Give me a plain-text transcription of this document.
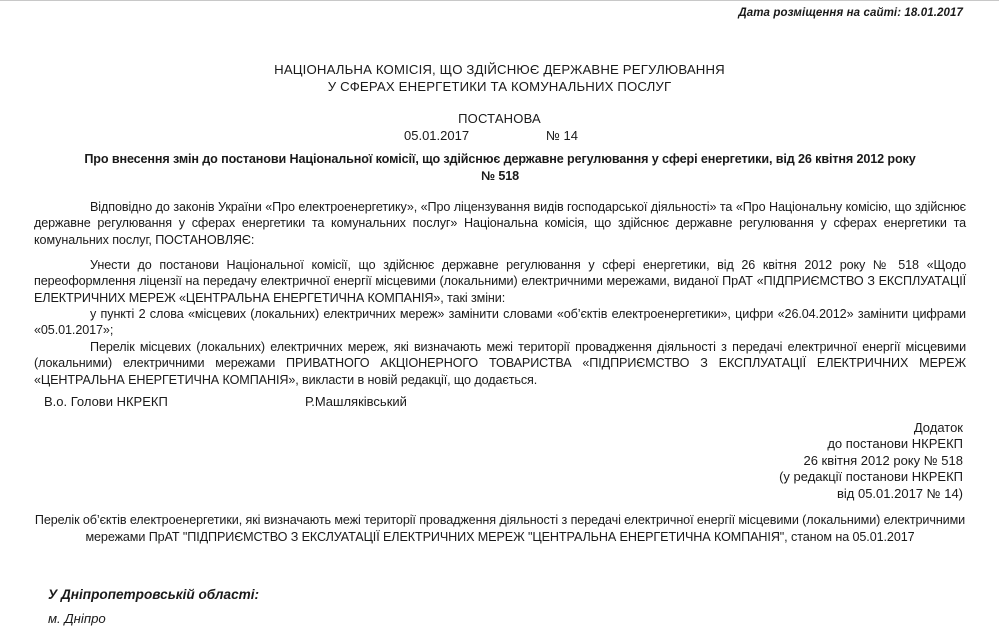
Дата розміщення на сайті: 18.01.2017
НАЦІОНАЛЬНА КОМІСІЯ, ЩО ЗДІЙСНЮЄ ДЕРЖАВНЕ РЕГУЛЮВАННЯ
У СФЕРАХ ЕНЕРГЕТИКИ ТА КОМУНАЛЬНИХ ПОСЛУГ
ПОСТАНОВА
05.01.2017	№ 14
Про внесення змін до постанови Національної комісії, що здійснює державне регулювання у сфері енергетики, від 26 квітня 2012 року
№ 518
Відповідно до законів України «Про електроенергетику», «Про ліцензування видів господарської діяльності» та «Про Національну комісію, що здійснює державне регулювання у сферах енергетики та комунальних послуг» Національна комісія, що здійснює державне регулювання у сферах енергетики та комунальних послуг, ПОСТАНОВЛЯЄ:
Унести до постанови Національної комісії, що здійснює державне регулювання у сфері енергетики, від 26 квітня 2012 року № 518 «Щодо переоформлення ліцензії на передачу електричної енергії місцевими (локальними) електричними мережами, виданої ПрАТ «ПІДПРИЄМСТВО З ЕКСПЛУАТАЦІЇ ЕЛЕКТРИЧНИХ МЕРЕЖ «ЦЕНТРАЛЬНА ЕНЕРГЕТИЧНА КОМПАНІЯ», такі зміни:
у пункті 2 слова «місцевих (локальних) електричних мереж» замінити словами «об’єктів електроенергетики», цифри «26.04.2012» замінити цифрами «05.01.2017»;
Перелік місцевих (локальних) електричних мереж, які визначають межі території провадження діяльності з передачі електричної енергії місцевими (локальними) електричними мережами ПРИВАТНОГО АКЦІОНЕРНОГО ТОВАРИСТВА «ПІДПРИЄМСТВО З ЕКСПЛУАТАЦІЇ ЕЛЕКТРИЧНИХ МЕРЕЖ «ЦЕНТРАЛЬНА ЕНЕРГЕТИЧНА КОМПАНІЯ», викласти в новій редакції, що додається.
В.о. Голови НКРЕКП	Р.Машляківський
Додаток
до постанови НКРЕКП
26 квітня 2012 року № 518
(у редакції постанови НКРЕКП
від 05.01.2017 № 14)
Перелік об’єктів електроенергетики, які визначають межі території провадження діяльності з передачі електричної енергії місцевими (локальними) електричними мережами ПрАТ "ПІДПРИЄМСТВО З ЕКСЛУАТАЦІЇ ЕЛЕКТРИЧНИХ МЕРЕЖ "ЦЕНТРАЛЬНА ЕНЕРГЕТИЧНА КОМПАНІЯ", станом на 05.01.2017
У Дніпропетровській області:
м. Дніпро
